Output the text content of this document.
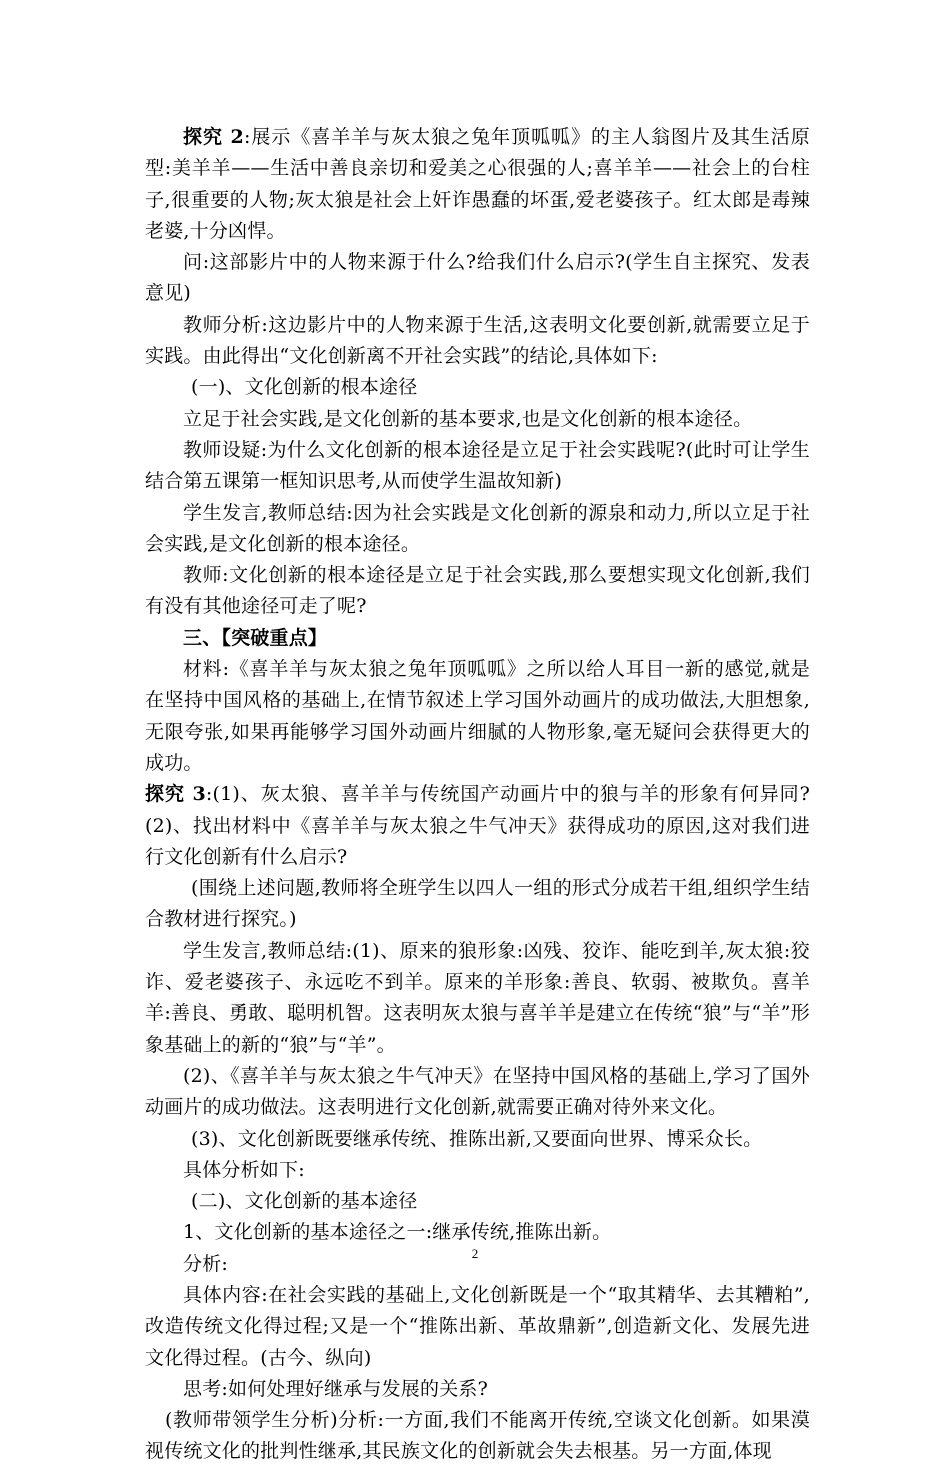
探究 2:展示《喜羊羊与灰太狼之兔年顶呱呱》的主人翁图片及其生活原型:美羊羊——生活中善良亲切和爱美之心很强的人;喜羊羊——社会上的台柱子,很重要的人物;灰太狼是社会上奸诈愚蠢的坏蛋,爱老婆孩子。红太郎是毒辣老婆,十分凶悍。

问:这部影片中的人物来源于什么?给我们什么启示?(学生自主探究、发表意见)

教师分析:这边影片中的人物来源于生活,这表明文化要创新,就需要立足于实践。由此得出“文化创新离不开社会实践”的结论,具体如下:

(一)、文化创新的根本途径

立足于社会实践,是文化创新的基本要求,也是文化创新的根本途径。

教师设疑:为什么文化创新的根本途径是立足于社会实践呢?(此时可让学生结合第五课第一框知识思考,从而使学生温故知新)

学生发言,教师总结:因为社会实践是文化创新的源泉和动力,所以立足于社会实践,是文化创新的根本途径。

教师:文化创新的根本途径是立足于社会实践,那么要想实现文化创新,我们有没有其他途径可走了呢?

三、【突破重点】

材料:《喜羊羊与灰太狼之兔年顶呱呱》之所以给人耳目一新的感觉,就是在坚持中国风格的基础上,在情节叙述上学习国外动画片的成功做法,大胆想象,无限夸张,如果再能够学习国外动画片细腻的人物形象,毫无疑问会获得更大的成功。

探究 3:(1)、灰太狼、喜羊羊与传统国产动画片中的狼与羊的形象有何异同?(2)、找出材料中《喜羊羊与灰太狼之牛气冲天》获得成功的原因,这对我们进行文化创新有什么启示?

(围绕上述问题,教师将全班学生以四人一组的形式分成若干组,组织学生结合教材进行探究。)

学生发言,教师总结:(1)、原来的狼形象:凶残、狡诈、能吃到羊,灰太狼:狡诈、爱老婆孩子、永远吃不到羊。原来的羊形象:善良、软弱、被欺负。喜羊羊:善良、勇敢、聪明机智。这表明灰太狼与喜羊羊是建立在传统“狼”与“羊”形象基础上的新的“狼”与“羊”。

(2)、《喜羊羊与灰太狼之牛气冲天》在坚持中国风格的基础上,学习了国外动画片的成功做法。这表明进行文化创新,就需要正确对待外来文化。

(3)、文化创新既要继承传统、推陈出新,又要面向世界、博采众长。

具体分析如下:

(二)、文化创新的基本途径

1、文化创新的基本途径之一:继承传统,推陈出新。

分析:

具体内容:在社会实践的基础上,文化创新既是一个“取其精华、去其糟粕”,改造传统文化得过程;又是一个“推陈出新、革故鼎新”,创造新文化、发展先进文化得过程。(古今、纵向)

思考:如何处理好继承与发展的关系?

(教师带领学生分析)分析:一方面,我们不能离开传统,空谈文化创新。如果漠视传统文化的批判性继承,其民族文化的创新就会失去根基。另一方面,体现

2
